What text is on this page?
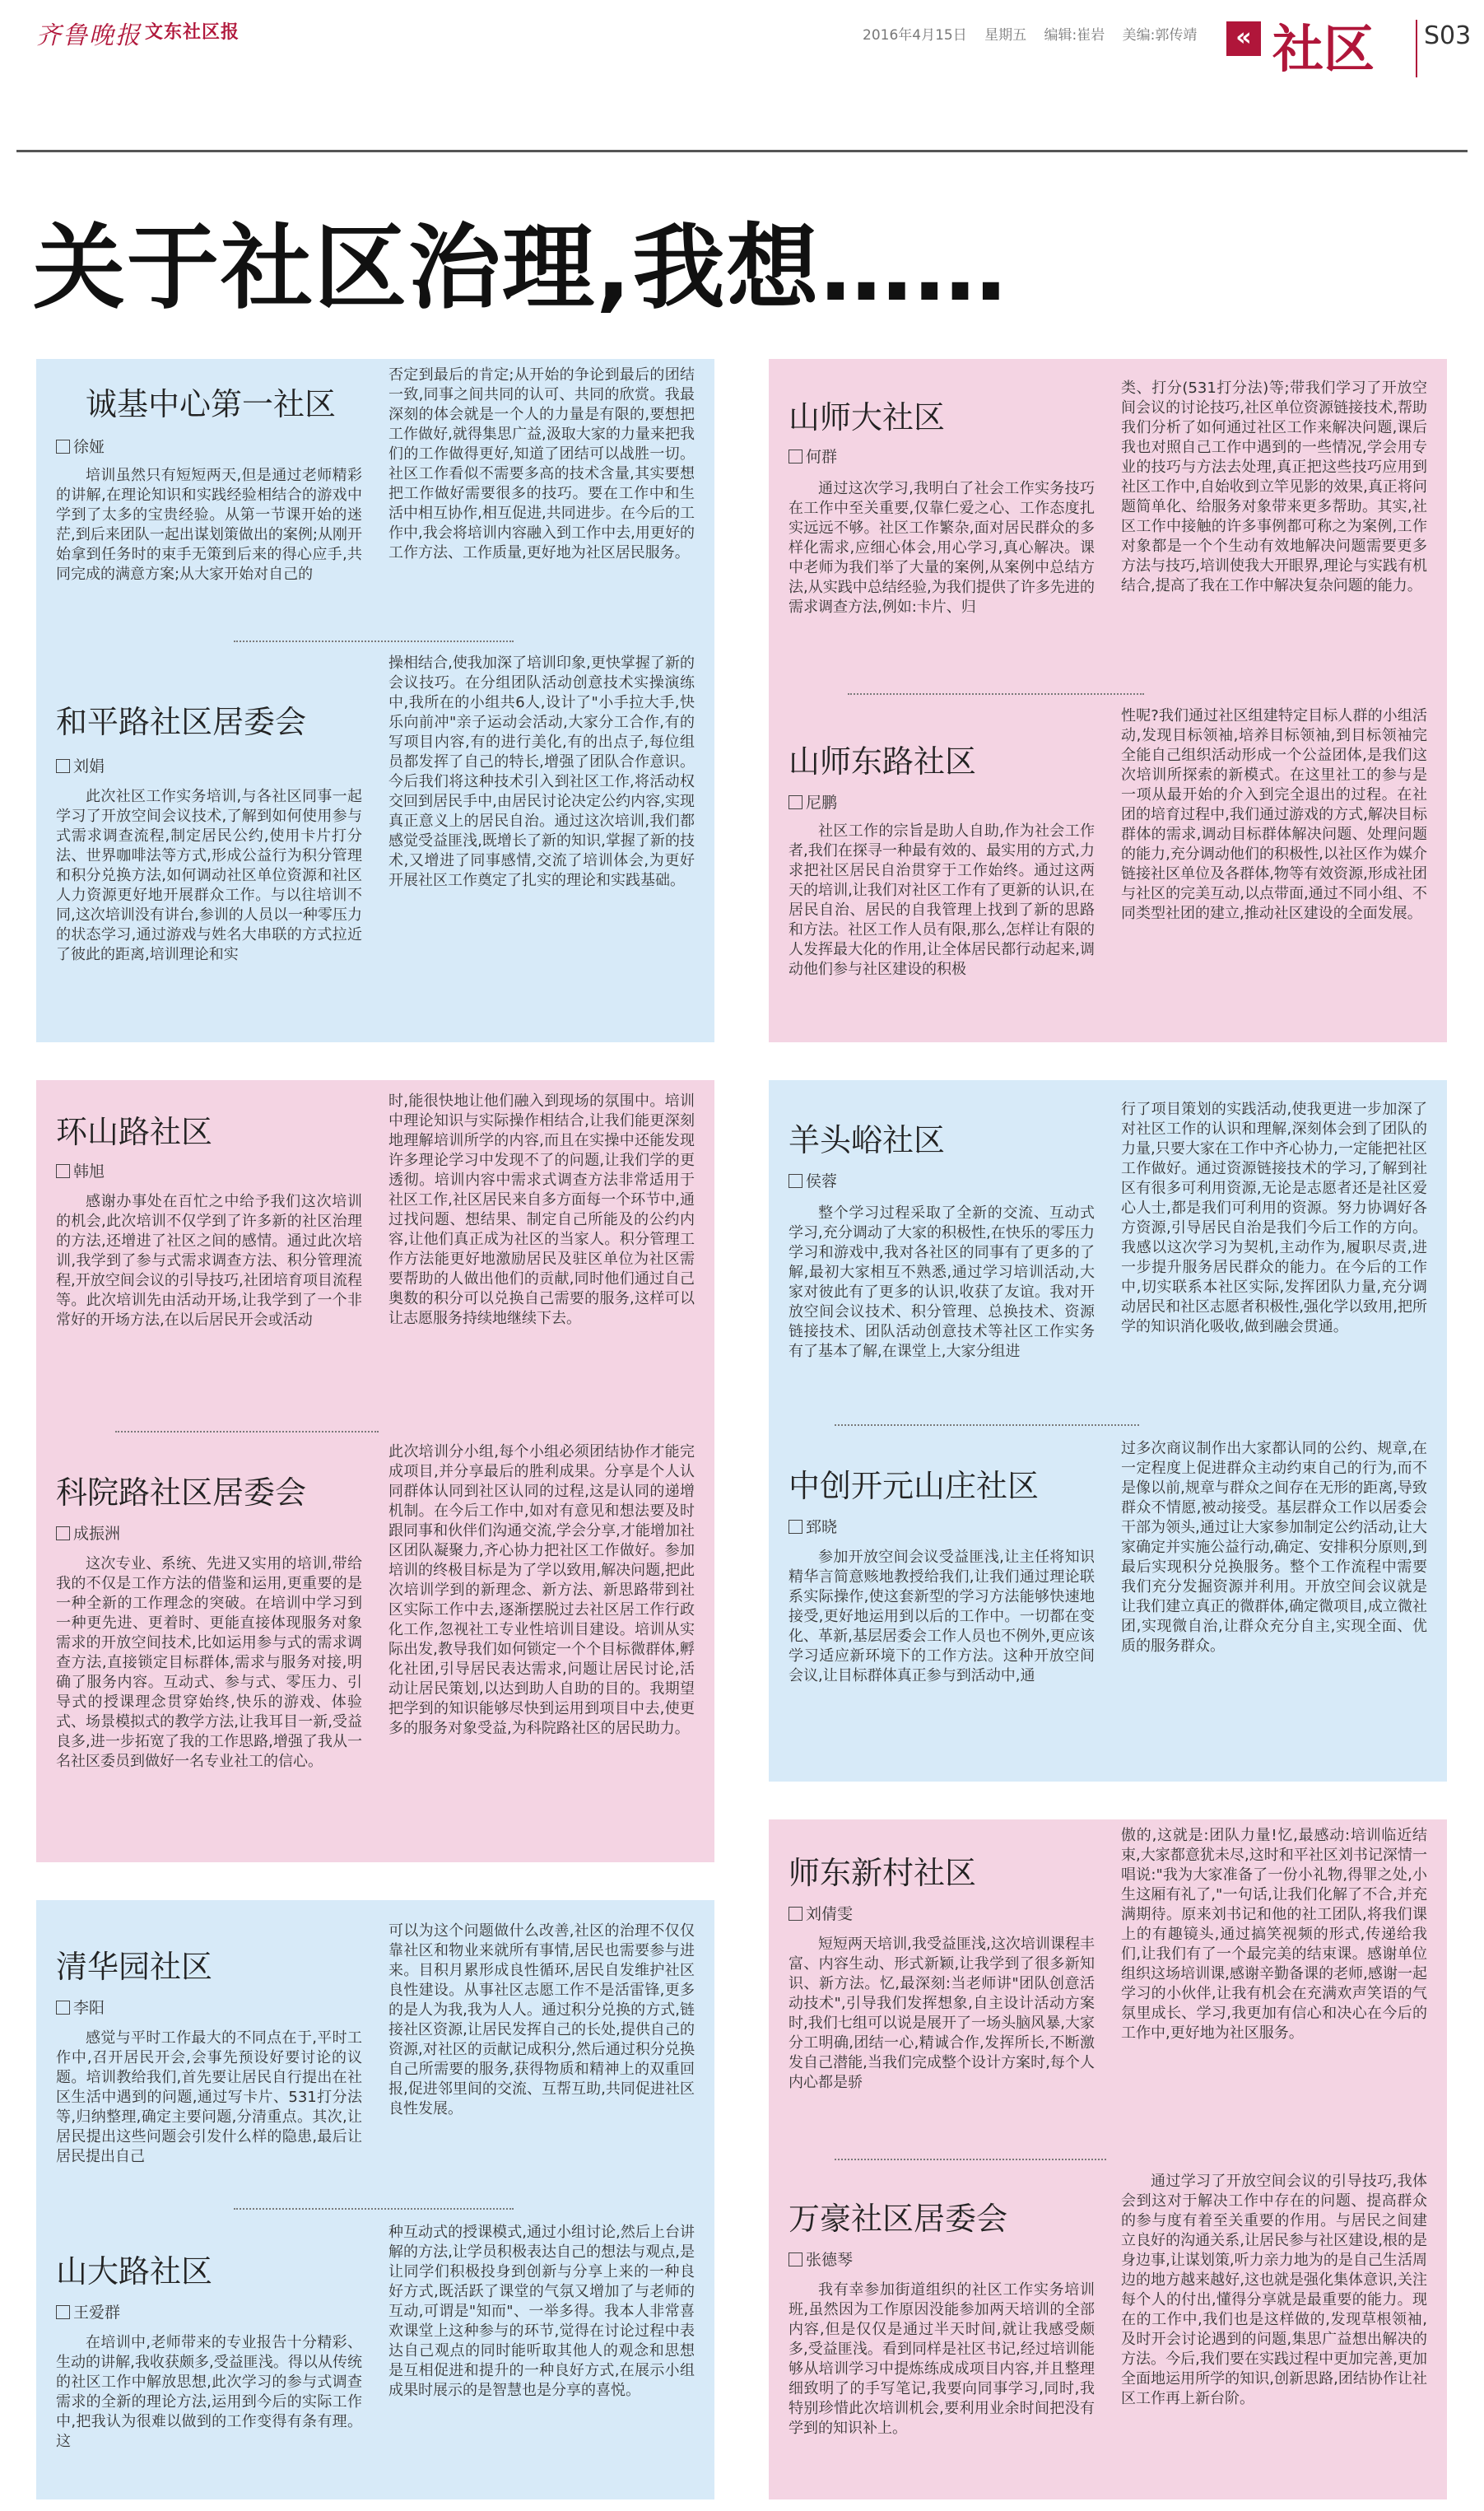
齐鲁晚报 文东社区报	2016年4月15日 星期五 编辑:崔岩 美编:郭传靖	« 社区 S03
关于社区治理,我想……
诚基中心第一社区
徐娅

培训虽然只有短短两天,但是通过老师精彩的讲解,在理论知识和实践经验相结合的游戏中学到了太多的宝贵经验。从第一节课开始的迷茫,到后来团队一起出谋划策做出的案例;从刚开始拿到任务时的束手无策到后来的得心应手,共同完成的满意方案;从大家开始对自己的

否定到最后的肯定;从开始的争论到最后的团结一致,同事之间共同的认可、共同的欣赏。我最深刻的体会就是一个人的力量是有限的,要想把工作做好,就得集思广益,汲取大家的力量来把我们的工作做得更好,知道了团结可以战胜一切。社区工作看似不需要多高的技术含量,其实要想把工作做好需要很多的技巧。要在工作中和生活中相互协作,相互促进,共同进步。在今后的工作中,我会将培训内容融入到工作中去,用更好的工作方法、工作质量,更好地为社区居民服务。

和平路社区居委会
刘娟

此次社区工作实务培训,与各社区同事一起学习了开放空间会议技术,了解到如何使用参与式需求调查流程,制定居民公约,使用卡片打分法、世界咖啡法等方式,形成公益行为积分管理和积分兑换方法,如何调动社区单位资源和社区人力资源更好地开展群众工作。与以往培训不同,这次培训没有讲台,参训的人员以一种零压力的状态学习,通过游戏与姓名大串联的方式拉近了彼此的距离,培训理论和实

操相结合,使我加深了培训印象,更快掌握了新的会议技巧。在分组团队活动创意技术实操演练中,我所在的小组共6人,设计了"小手拉大手,快乐向前冲"亲子运动会活动,大家分工合作,有的写项目内容,有的进行美化,有的出点子,每位组员都发挥了自己的特长,增强了团队合作意识。今后我们将这种技术引入到社区工作,将活动权交回到居民手中,由居民讨论决定公约内容,实现真正意义上的居民自治。通过这次培训,我们都感觉受益匪浅,既增长了新的知识,掌握了新的技术,又增进了同事感情,交流了培训体会,为更好开展社区工作奠定了扎实的理论和实践基础。

山师大社区
何群

通过这次学习,我明白了社会工作实务技巧在工作中至关重要,仅靠仁爱之心、工作态度扎实远远不够。社区工作繁杂,面对居民群众的多样化需求,应细心体会,用心学习,真心解决。课中老师为我们举了大量的案例,从案例中总结方法,从实践中总结经验,为我们提供了许多先进的需求调查方法,例如:卡片、归

类、打分(531打分法)等;带我们学习了开放空间会议的讨论技巧,社区单位资源链接技术,帮助我们分析了如何通过社区工作来解决问题,课后我也对照自己工作中遇到的一些情况,学会用专业的技巧与方法去处理,真正把这些技巧应用到社区工作中,自始收到立竿见影的效果,真正将问题简单化、给服务对象带来更多帮助。其实,社区工作中接触的许多事例都可称之为案例,工作对象都是一个个生动有效地解决问题需要更多方法与技巧,培训使我大开眼界,理论与实践有机结合,提高了我在工作中解决复杂问题的能力。

山师东路社区
尼鹏

社区工作的宗旨是助人自助,作为社会工作者,我们在探寻一种最有效的、最实用的方式,力求把社区居民自治贯穿于工作始终。通过这两天的培训,让我们对社区工作有了更新的认识,在居民自治、居民的自我管理上找到了新的思路和方法。社区工作人员有限,那么,怎样让有限的人发挥最大化的作用,让全体居民都行动起来,调动他们参与社区建设的积极

性呢?我们通过社区组建特定目标人群的小组活动,发现目标领袖,培养目标领袖,到目标领袖完全能自己组织活动形成一个公益团体,是我们这次培训所探索的新模式。在这里社工的参与是一项从最开始的介入到完全退出的过程。在社团的培育过程中,我们通过游戏的方式,解决目标群体的需求,调动目标群体解决问题、处理问题的能力,充分调动他们的积极性,以社区作为媒介链接社区单位及各群体,物等有效资源,形成社团与社区的完美互动,以点带面,通过不同小组、不同类型社团的建立,推动社区建设的全面发展。

环山路社区
韩旭

感谢办事处在百忙之中给予我们这次培训的机会,此次培训不仅学到了许多新的社区治理的方法,还增进了社区之间的感情。通过此次培训,我学到了参与式需求调查方法、积分管理流程,开放空间会议的引导技巧,社团培育项目流程等。此次培训先由活动开场,让我学到了一个非常好的开场方法,在以后居民开会或活动

时,能很快地让他们融入到现场的氛围中。培训中理论知识与实际操作相结合,让我们能更深刻地理解培训所学的内容,而且在实操中还能发现许多理论学习中发现不了的问题,让我们学的更透彻。培训内容中需求式调查方法非常适用于社区工作,社区居民来自多方面每一个环节中,通过找问题、想结果、制定自己所能及的公约内容,让他们真正成为社区的当家人。积分管理工作方法能更好地激励居民及驻区单位为社区需要帮助的人做出他们的贡献,同时他们通过自己奥数的积分可以兑换自己需要的服务,这样可以让志愿服务持续地继续下去。

科院路社区居委会
成振洲

这次专业、系统、先进又实用的培训,带给我的不仅是工作方法的借鉴和运用,更重要的是一种全新的工作理念的突破。在培训中学习到一种更先进、更着时、更能直接体现服务对象需求的开放空间技术,比如运用参与式的需求调查方法,直接锁定目标群体,需求与服务对接,明确了服务内容。互动式、参与式、零压力、引导式的授课理念贯穿始终,快乐的游戏、体验式、场景模拟式的教学方法,让我耳目一新,受益良多,进一步拓宽了我的工作思路,增强了我从一名社区委员到做好一名专业社工的信心。

此次培训分小组,每个小组必须团结协作才能完成项目,并分享最后的胜利成果。分享是个人认同群体认同到社区认同的过程,这是认同的递增机制。在今后工作中,如对有意见和想法要及时跟同事和伙伴们沟通交流,学会分享,才能增加社区团队凝聚力,齐心协力把社区工作做好。参加培训的终极目标是为了学以致用,解决问题,把此次培训学到的新理念、新方法、新思路带到社区实际工作中去,逐渐摆脱过去社区居工作行政化工作,忽视社工专业性培训目建设。培训从实际出发,教导我们如何锁定一个个目标微群体,孵化社团,引导居民表达需求,问题让居民讨论,活动让居民策划,以达到助人自助的目的。我期望把学到的知识能够尽快到运用到项目中去,使更多的服务对象受益,为科院路社区的居民助力。

羊头峪社区
侯蓉

整个学习过程采取了全新的交流、互动式学习,充分调动了大家的积极性,在快乐的零压力学习和游戏中,我对各社区的同事有了更多的了解,最初大家相互不熟悉,通过学习培训活动,大家对彼此有了更多的认识,收获了友谊。我对开放空间会议技术、积分管理、总换技术、资源链接技术、团队活动创意技术等社区工作实务有了基本了解,在课堂上,大家分组进

行了项目策划的实践活动,使我更进一步加深了对社区工作的认识和理解,深刻体会到了团队的力量,只要大家在工作中齐心协力,一定能把社区工作做好。通过资源链接技术的学习,了解到社区有很多可利用资源,无论是志愿者还是社区爱心人士,都是我们可利用的资源。努力协调好各方资源,引导居民自治是我们今后工作的方向。我感以这次学习为契机,主动作为,履职尽责,进一步提升服务居民群众的能力。在今后的工作中,切实联系本社区实际,发挥团队力量,充分调动居民和社区志愿者积极性,强化学以致用,把所学的知识消化吸收,做到融会贯通。

中创开元山庄社区
郅晓

参加开放空间会议受益匪浅,让主任将知识精华言简意赅地教授给我们,让我们通过理论联系实际操作,使这套新型的学习方法能够快速地接受,更好地运用到以后的工作中。一切都在变化、革新,基层居委会工作人员也不例外,更应该学习适应新环境下的工作方法。这种开放空间会议,让目标群体真正参与到活动中,通

过多次商议制作出大家都认同的公约、规章,在一定程度上促进群众主动约束自己的行为,而不是像以前,规章与群众之间存在无形的距离,导致群众不情愿,被动接受。基层群众工作以居委会干部为领头,通过让大家参加制定公约活动,让大家确定并实施公益行动,确定、安排积分原则,到最后实现积分兑换服务。整个工作流程中需要我们充分发掘资源并利用。开放空间会议就是让我们建立真正的微群体,确定微项目,成立微社团,实现微自治,让群众充分自主,实现全面、优质的服务群众。

清华园社区
李阳

感觉与平时工作最大的不同点在于,平时工作中,召开居民开会,会事先预设好要讨论的议题。培训教给我们,首先要让居民自行提出在社区生活中遇到的问题,通过写卡片、531打分法等,归纳整理,确定主要问题,分清重点。其次,让居民提出这些问题会引发什么样的隐患,最后让居民提出自己

可以为这个问题做什么改善,社区的治理不仅仅靠社区和物业来就所有事情,居民也需要参与进来。目积月累形成良性循环,居民自发维护社区良性建设。从事社区志愿工作不是活雷锋,更多的是人为我,我为人人。通过积分兑换的方式,链接社区资源,让居民发挥自己的长处,提供自己的资源,对社区的贡献记成积分,然后通过积分兑换自己所需要的服务,获得物质和精神上的双重回报,促进邻里间的交流、互帮互助,共同促进社区良性发展。

山大路社区
王爱群

在培训中,老师带来的专业报告十分精彩、生动的讲解,我收获颇多,受益匪浅。得以从传统的社区工作中解放思想,此次学习的参与式调查需求的全新的理论方法,运用到今后的实际工作中,把我认为很难以做到的工作变得有条有理。这

种互动式的授课模式,通过小组讨论,然后上台讲解的方法,让学员积极表达自己的想法与观点,是让同学们积极投身到创新与分享上来的一种良好方式,既活跃了课堂的气氛又增加了与老师的互动,可谓是"知而"、一举多得。我本人非常喜欢课堂上这种参与的环节,觉得在讨论过程中表达自己观点的同时能听取其他人的观念和思想是互相促进和提升的一种良好方式,在展示小组成果时展示的是智慧也是分享的喜悦。

师东新村社区
刘倩雯

短短两天培训,我受益匪浅,这次培训课程丰富、内容生动、形式新颖,让我学到了很多新知识、新方法。忆,最深刻:当老师讲"团队创意活动技术",引导我们发挥想象,自主设计活动方案时,我们七组可以说是展开了一场头脑风暴,大家分工明确,团结一心,精诚合作,发挥所长,不断激发自己潜能,当我们完成整个设计方案时,每个人内心都是骄

傲的,这就是:团队力量!忆,最感动:培训临近结束,大家都意犹未尽,这时和平社区刘书记深情一唱说:"我为大家准备了一份小礼物,得罪之处,小生这厢有礼了,"一句话,让我们化解了不合,并充满期待。原来刘书记和他的社工团队,将我们课上的有趣镜头,通过搞笑视频的形式,传递给我们,让我们有了一个最完美的结束课。感谢单位组织这场培训课,感谢辛勤备课的老师,感谢一起学习的小伙伴,让我有机会在充满欢声笑语的气氛里成长、学习,我更加有信心和决心在今后的工作中,更好地为社区服务。

万豪社区居委会
张德琴

我有幸参加街道组织的社区工作实务培训班,虽然因为工作原因没能参加两天培训的全部内容,但是仅仅是通过半天时间,就让我感受颇多,受益匪浅。看到同样是社区书记,经过培训能够从培训学习中提炼练成成项目内容,并且整理细致明了的手写笔记,我要向同事学习,同时,我特别珍惜此次培训机会,要利用业余时间把没有学到的知识补上。

通过学习了开放空间会议的引导技巧,我体会到这对于解决工作中存在的问题、提高群众的参与度有着至关重要的作用。与居民之间建立良好的沟通关系,让居民参与社区建设,根的是身边事,让谋划策,听力亲力地为的是自己生活周边的地方越来越好,这也就是强化集体意识,关注每个人的付出,懂得分享就是最重要的能力。现在的工作中,我们也是这样做的,发现草根领袖,及时开会讨论遇到的问题,集思广益想出解决的方法。今后,我们要在实践过程中更加完善,更加全面地运用所学的知识,创新思路,团结协作让社区工作再上新台阶。
